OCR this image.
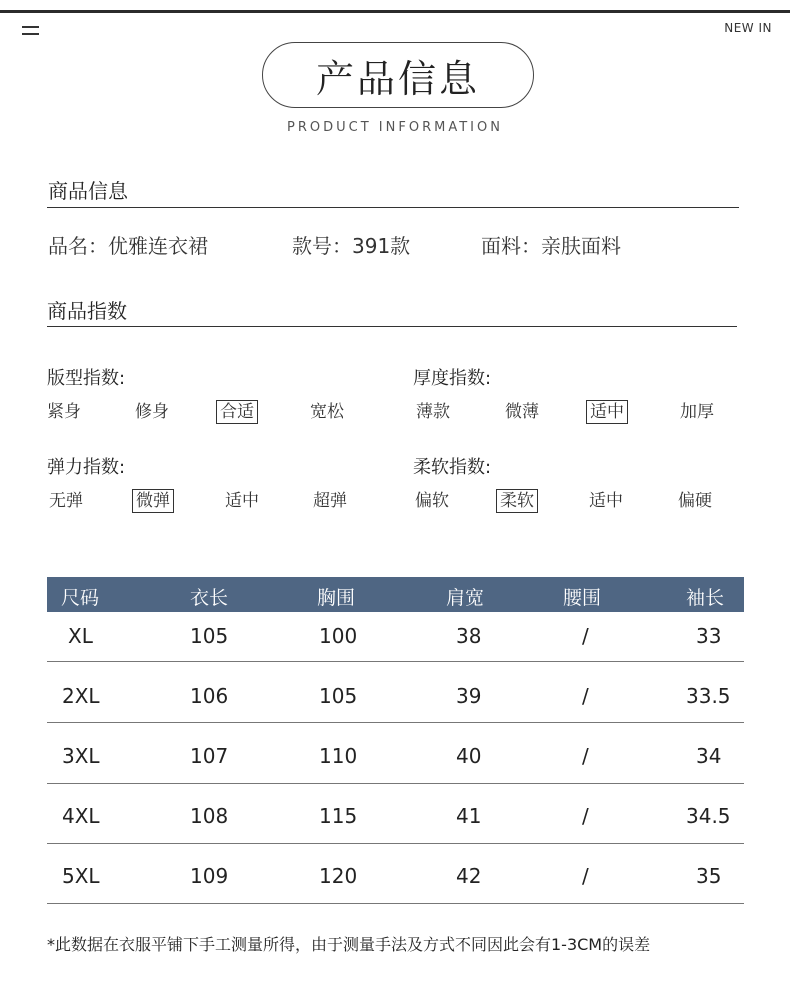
NEW IN
产品信息
PRODUCT INFORMATION
商品信息
品名：优雅连衣裙	款号：391款	面料：亲肤面料
商品指数
版型指数:
紧身	修身	合适	宽松
厚度指数:
薄款	微薄	适中	加厚
弹力指数:
无弹	微弹	适中	超弹
柔软指数:
偏软	柔软	适中	偏硬
尺码	衣长	胸围	肩宽	腰围	袖长
XL	105	100	38	/	33
2XL	106	105	39	/	33.5
3XL	107	110	40	/	34
4XL	108	115	41	/	34.5
5XL	109	120	42	/	35
*此数据在衣服平铺下手工测量所得，由于测量手法及方式不同因此会有1-3CM的误差
